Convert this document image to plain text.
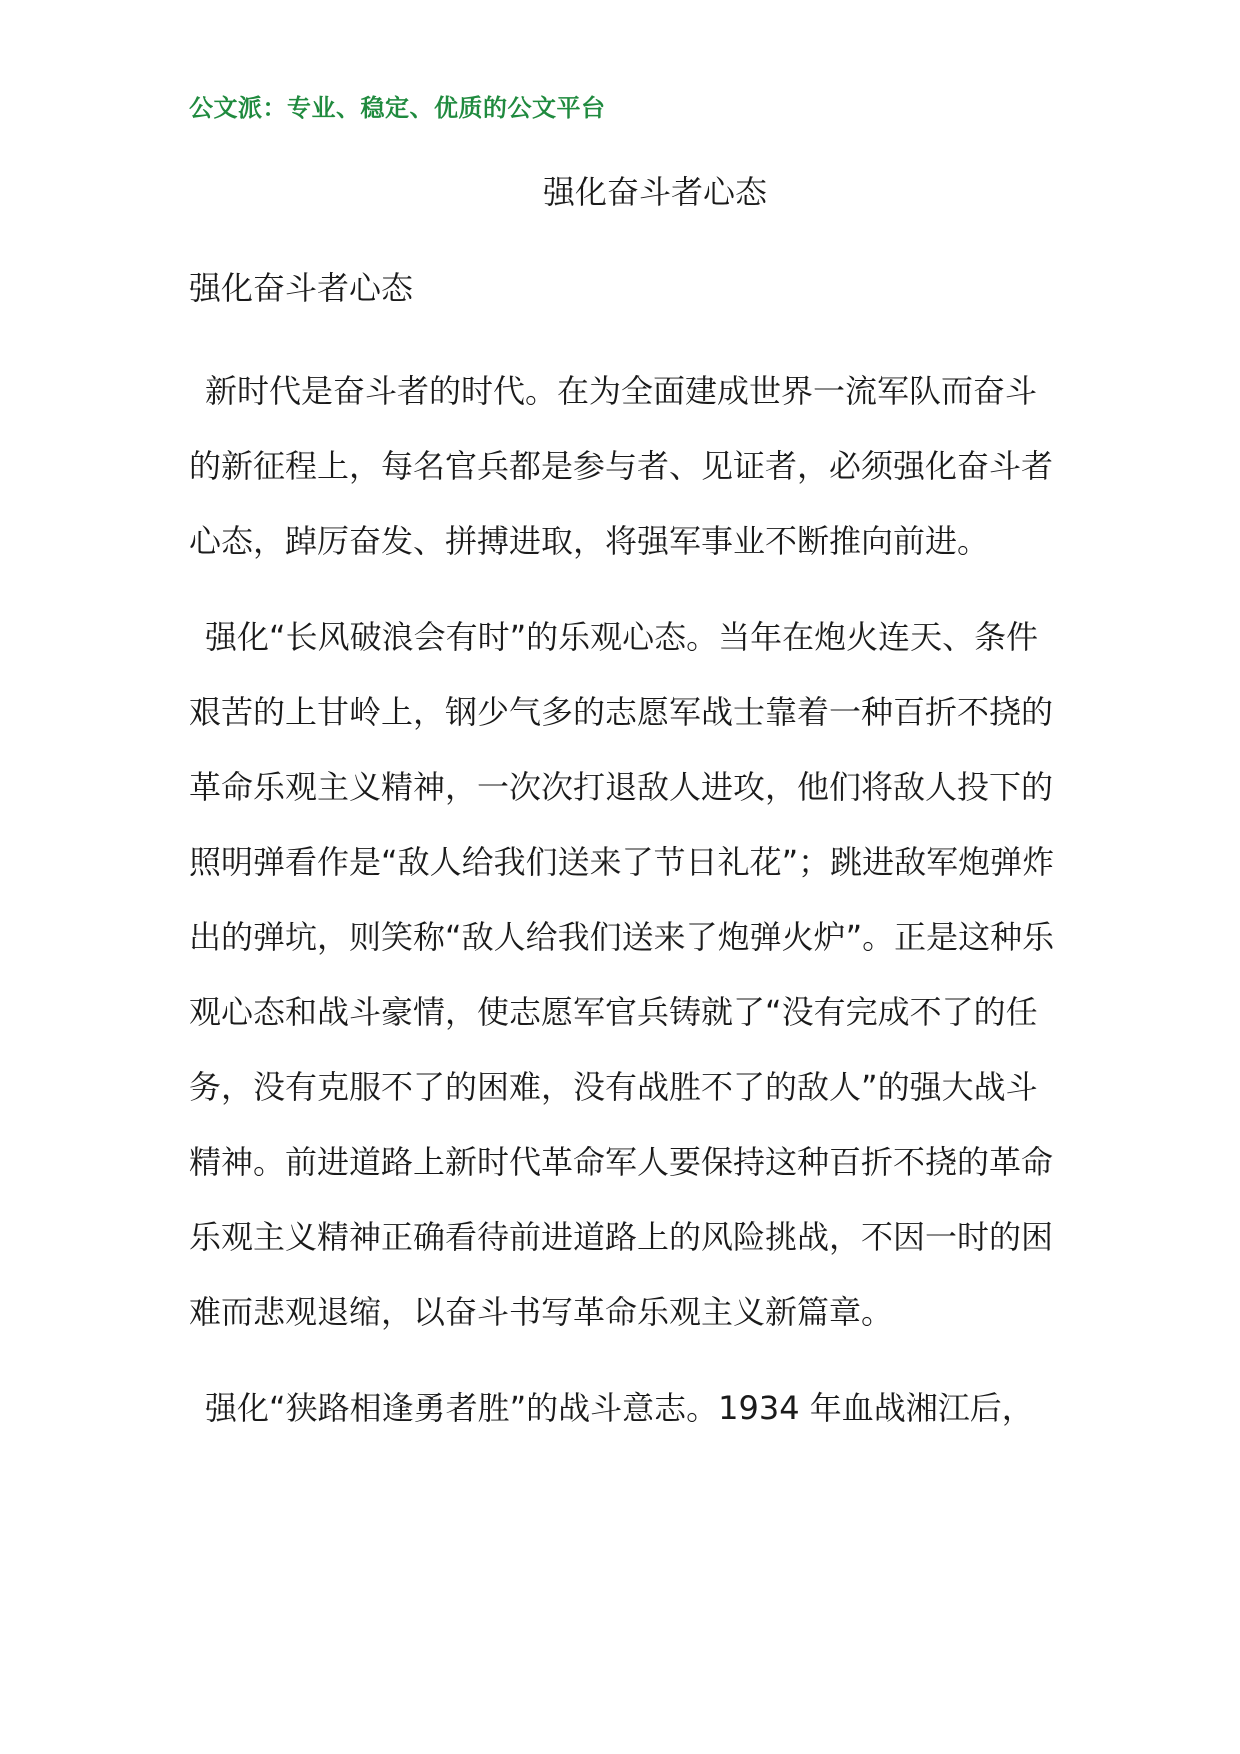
公文派：专业、稳定、优质的公文平台
强化奋斗者心态
强化奋斗者心态

新时代是奋斗者的时代。在为全面建成世界一流军队而奋斗的新征程上，每名官兵都是参与者、见证者，必须强化奋斗者心态，踔厉奋发、拼搏进取，将强军事业不断推向前进。

强化“长风破浪会有时”的乐观心态。当年在炮火连天、条件艰苦的上甘岭上，钢少气多的志愿军战士靠着一种百折不挠的革命乐观主义精神，一次次打退敌人进攻，他们将敌人投下的照明弹看作是“敌人给我们送来了节日礼花”；跳进敌军炮弹炸出的弹坑，则笑称“敌人给我们送来了炮弹火炉”。正是这种乐观心态和战斗豪情，使志愿军官兵铸就了“没有完成不了的任务，没有克服不了的困难，没有战胜不了的敌人”的强大战斗精神。前进道路上新时代革命军人要保持这种百折不挠的革命乐观主义精神正确看待前进道路上的风险挑战，不因一时的困难而悲观退缩，以奋斗书写革命乐观主义新篇章。

强化“狭路相逢勇者胜”的战斗意志。1934 年血战湘江后，
